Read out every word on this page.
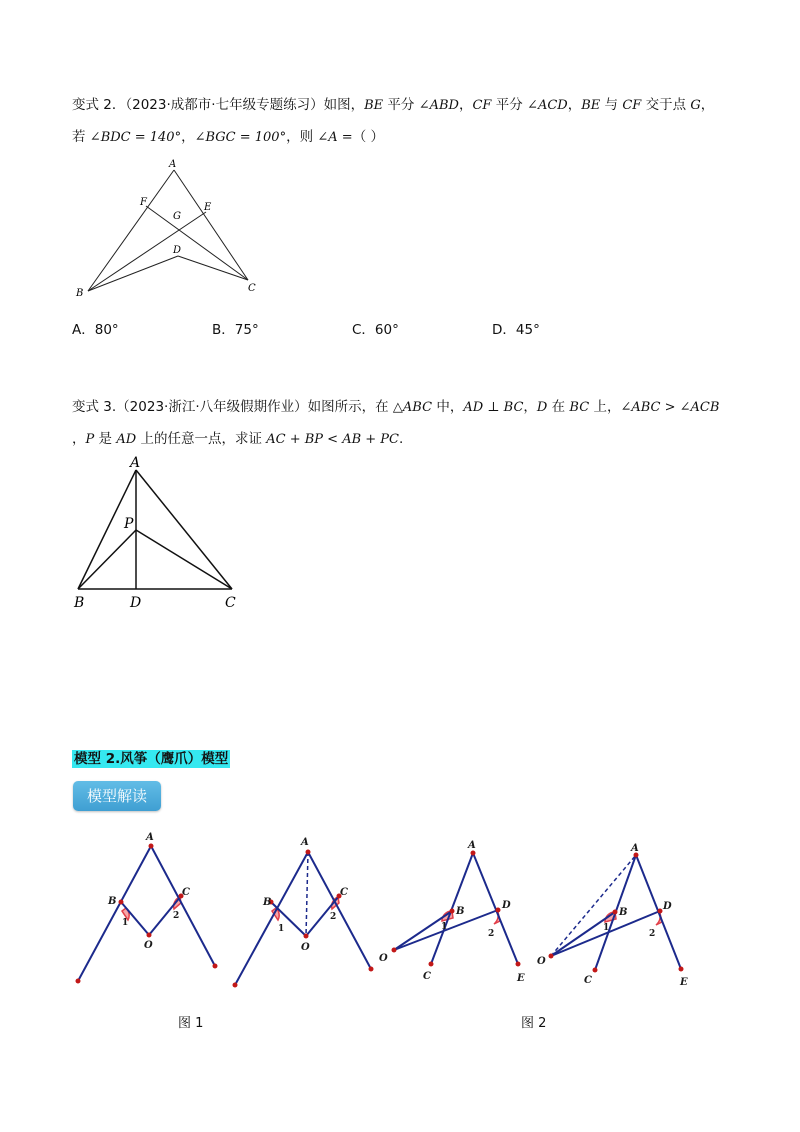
变式 2．（2023·成都市·七年级专题练习）如图，BE 平分 ∠ABD，CF 平分 ∠ACD，BE 与 CF 交于点 G，
若 ∠BDC = 140°，∠BGC = 100°，则 ∠A =（ ）
A
F
G
E
D
B	C
A．80°	B．75°	C．60°	D．45°
变式 3.（2023·浙江·八年级假期作业）如图所示，在 △ABC 中，AD ⊥ BC，D 在 BC 上，∠ABC > ∠ACB
，P 是 AD 上的任意一点，求证 AC + BP < AB + PC.
A
P
B	D	C
模型 2.风筝（鹰爪）模型
模型解读
A
B
C
O
1
2
A
B
C
O
1
2
A
B
D
O
C	E
1
2
A
B
D
O
C	E
1
2
图 1	图 2
